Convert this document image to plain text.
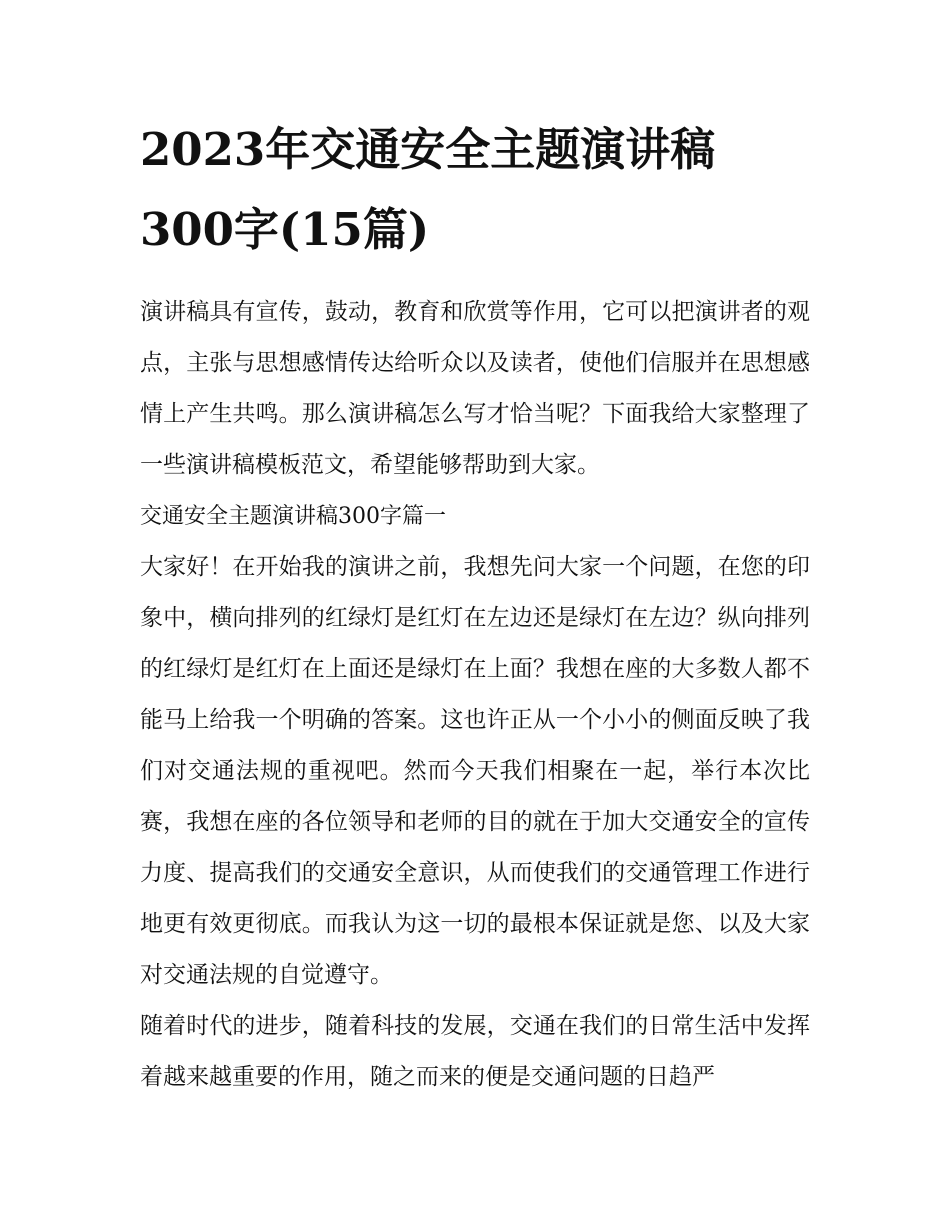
2023年交通安全主题演讲稿
300字(15篇)

演讲稿具有宣传，鼓动，教育和欣赏等作用，它可以把演讲者的观点，主张与思想感情传达给听众以及读者，使他们信服并在思想感情上产生共鸣。那么演讲稿怎么写才恰当呢？下面我给大家整理了一些演讲稿模板范文，希望能够帮助到大家。

交通安全主题演讲稿300字篇一

大家好！在开始我的演讲之前，我想先问大家一个问题，在您的印象中，横向排列的红绿灯是红灯在左边还是绿灯在左边？纵向排列的红绿灯是红灯在上面还是绿灯在上面？我想在座的大多数人都不能马上给我一个明确的答案。这也许正从一个小小的侧面反映了我们对交通法规的重视吧。然而今天我们相聚在一起，举行本次比赛，我想在座的各位领导和老师的目的就在于加大交通安全的宣传力度、提高我们的交通安全意识，从而使我们的交通管理工作进行地更有效更彻底。而我认为这一切的最根本保证就是您、以及大家对交通法规的自觉遵守。

随着时代的进步，随着科技的发展，交通在我们的日常生活中发挥着越来越重要的作用，随之而来的便是交通问题的日趋严
